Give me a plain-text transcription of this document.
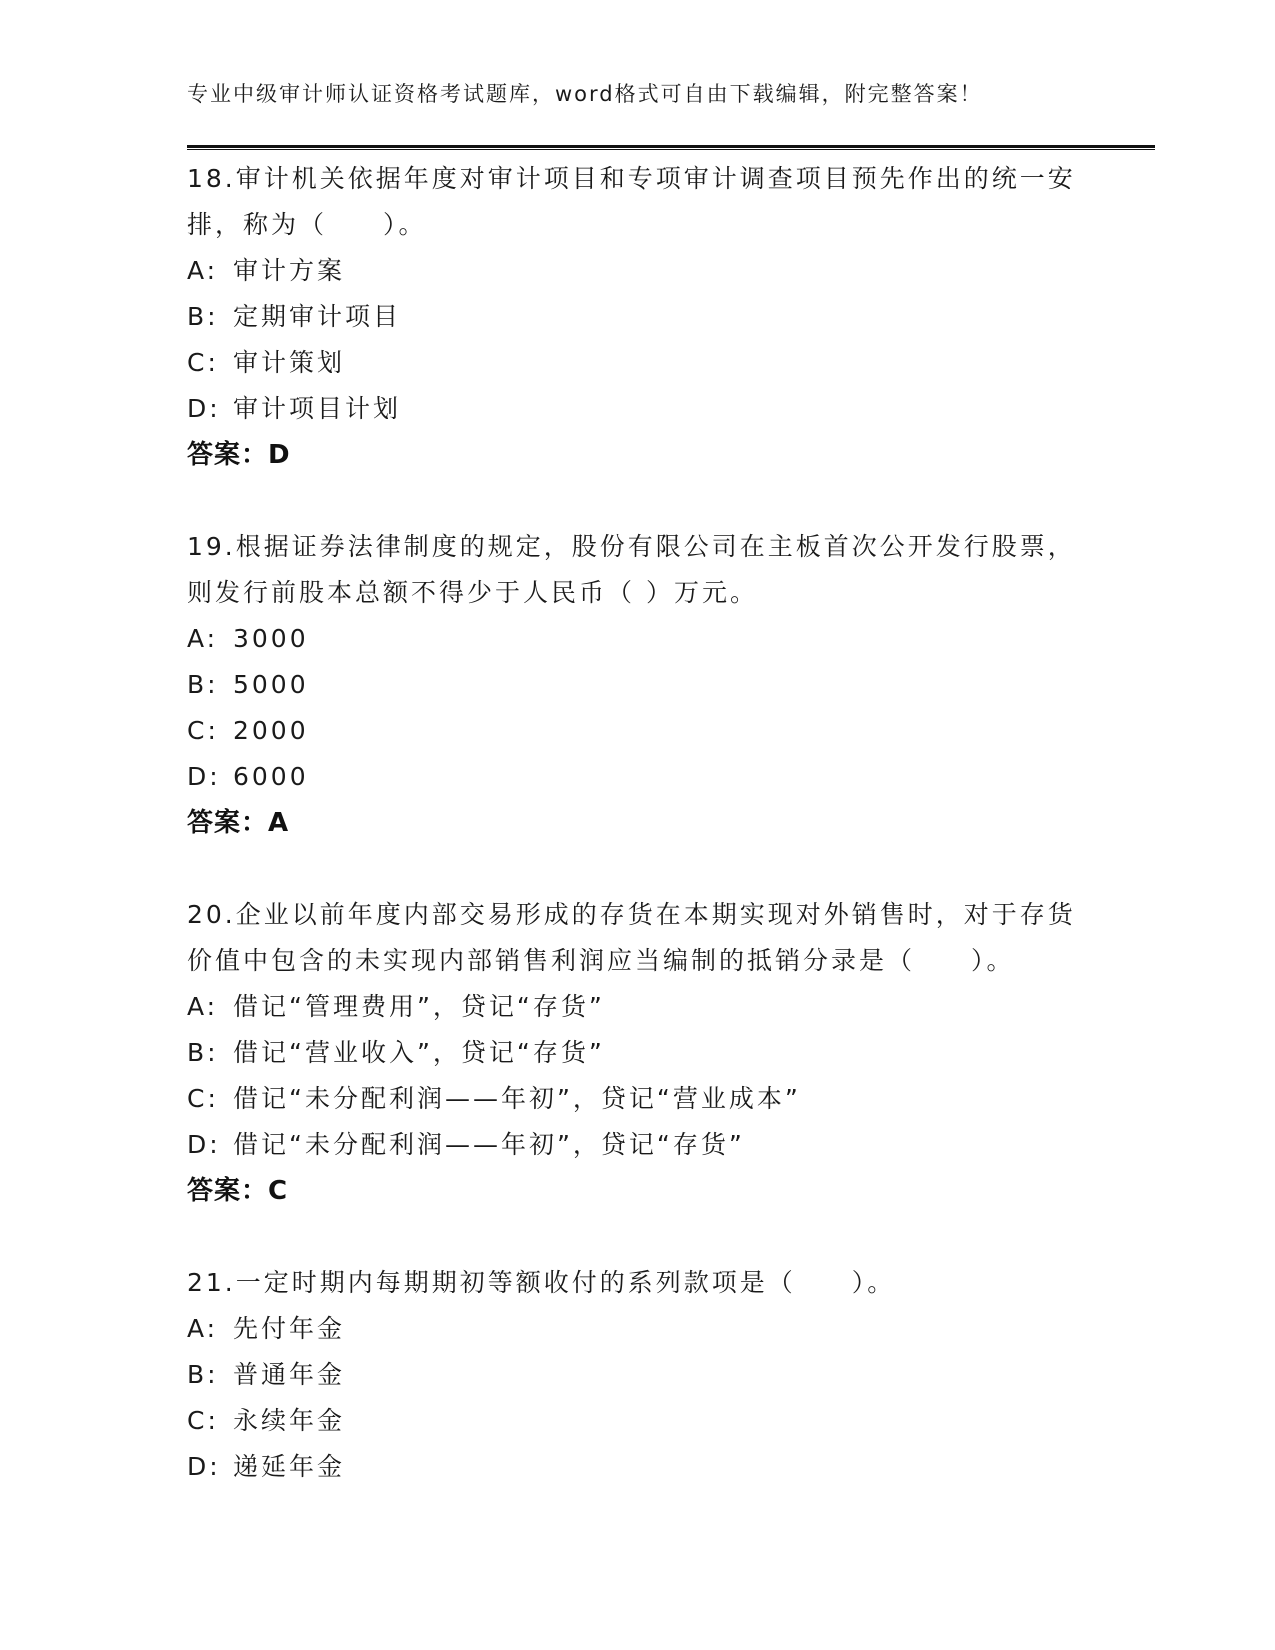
专业中级审计师认证资格考试题库，word格式可自由下载编辑，附完整答案！

18.审计机关依据年度对审计项目和专项审计调查项目预先作出的统一安排，称为（　　）。

A: 审计方案

B: 定期审计项目

C: 审计策划

D: 审计项目计划

答案：D

19.根据证券法律制度的规定，股份有限公司在主板首次公开发行股票，则发行前股本总额不得少于人民币（ ）万元。

A: 3000

B: 5000

C: 2000

D: 6000

答案：A

20.企业以前年度内部交易形成的存货在本期实现对外销售时，对于存货价值中包含的未实现内部销售利润应当编制的抵销分录是（　　）。

A: 借记“管理费用”，贷记“存货”

B: 借记“营业收入”，贷记“存货”

C: 借记“未分配利润——年初”，贷记“营业成本”

D: 借记“未分配利润——年初”，贷记“存货”

答案：C

21.一定时期内每期期初等额收付的系列款项是（　　）。

A: 先付年金

B: 普通年金

C: 永续年金

D: 递延年金
